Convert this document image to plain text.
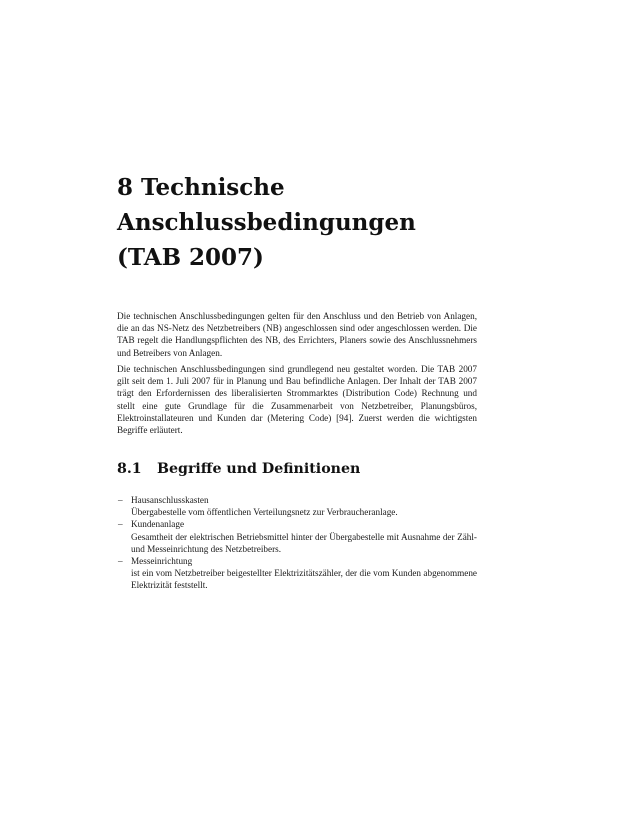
8 Technische
Anschlussbedingungen
(TAB 2007)

Die technischen Anschlussbedingungen gelten für den Anschluss und den Betrieb von Anlagen, die an das NS-Netz des Netzbetreibers (NB) angeschlossen sind oder angeschlossen werden. Die TAB regelt die Handlungspflichten des NB, des Errichters, Planers sowie des Anschlussnehmers und Betreibers von Anlagen.

Die technischen Anschlussbedingungen sind grundlegend neu gestaltet worden. Die TAB 2007 gilt seit dem 1. Juli 2007 für in Planung und Bau befindliche Anlagen. Der Inhalt der TAB 2007 trägt den Erfordernissen des liberalisierten Strommarktes (Distribution Code) Rechnung und stellt eine gute Grundlage für die Zusammenarbeit von Netzbetreiber, Planungsbüros, Elektroinstallateuren und Kunden dar (Metering Code) [94]. Zuerst werden die wichtigsten Begriffe erläutert.

8.1 Begriffe und Definitionen
– Hausanschlusskasten
Übergabestelle vom öffentlichen Verteilungsnetz zur Verbraucheranlage.
– Kundenanlage
Gesamtheit der elektrischen Betriebsmittel hinter der Übergabestelle mit Ausnahme der Zähl- und Messeinrichtung des Netzbetreibers.
– Messeinrichtung
ist ein vom Netzbetreiber beigestellter Elektrizitätszähler, der die vom Kunden abgenommene Elektrizität feststellt.
